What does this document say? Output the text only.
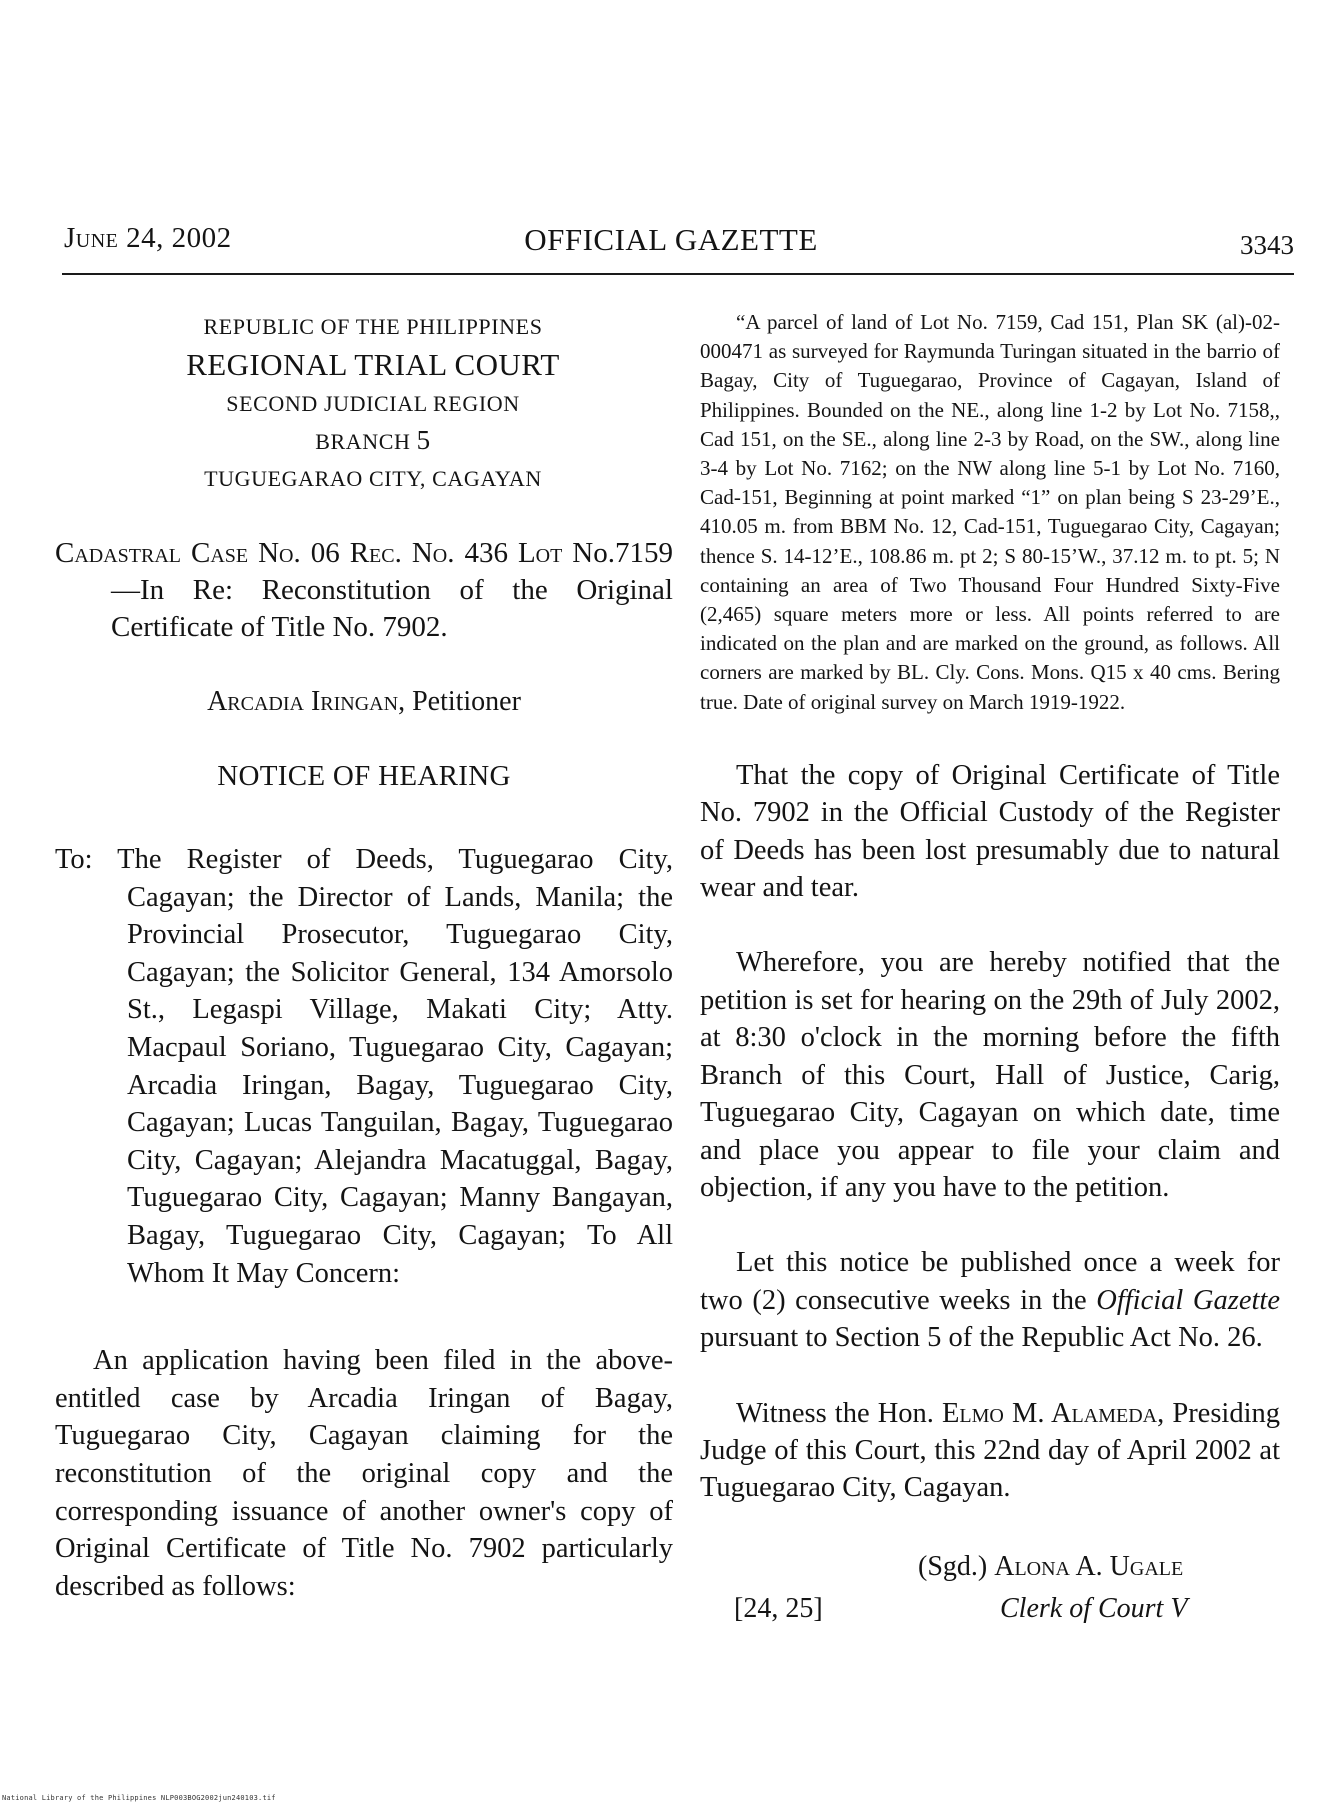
June 24, 2002	OFFICIAL GAZETTE	3343
REPUBLIC OF THE PHILIPPINES
REGIONAL TRIAL COURT
SECOND JUDICIAL REGION
BRANCH 5
TUGUEGARAO CITY, CAGAYAN
Cadastral Case No. 06 Rec. No. 436 Lot No.7159—In Re: Reconstitution of the Original Certificate of Title No. 7902.
Arcadia Iringan, Petitioner
NOTICE OF HEARING
To: The Register of Deeds, Tuguegarao City, Cagayan; the Director of Lands, Manila; the Provincial Prosecutor, Tuguegarao City, Cagayan; the Solicitor General, 134 Amorsolo St., Legaspi Village, Makati City; Atty. Macpaul Soriano, Tuguegarao City, Cagayan; Arcadia Iringan, Bagay, Tuguegarao City, Cagayan; Lucas Tanguilan, Bagay, Tuguegarao City, Cagayan; Alejandra Macatuggal, Bagay, Tuguegarao City, Cagayan; Manny Bangayan, Bagay, Tuguegarao City, Cagayan; To All Whom It May Concern:
An application having been filed in the above-entitled case by Arcadia Iringan of Bagay, Tuguegarao City, Cagayan claiming for the reconstitution of the original copy and the corresponding issuance of another owner's copy of Original Certificate of Title No. 7902 particularly described as follows:
“A parcel of land of Lot No. 7159, Cad 151, Plan SK (al)-02-000471 as surveyed for Raymunda Turingan situated in the barrio of Bagay, City of Tuguegarao, Province of Cagayan, Island of Philippines. Bounded on the NE., along line 1-2 by Lot No. 7158,, Cad 151, on the SE., along line 2-3 by Road, on the SW., along line 3-4 by Lot No. 7162; on the NW along line 5-1 by Lot No. 7160, Cad-151, Beginning at point marked “1” on plan being S 23-29’E., 410.05 m. from BBM No. 12, Cad-151, Tuguegarao City, Cagayan; thence S. 14-12’E., 108.86 m. pt 2; S 80-15’W., 37.12 m. to pt. 5; N containing an area of Two Thousand Four Hundred Sixty-Five (2,465) square meters more or less. All points referred to are indicated on the plan and are marked on the ground, as follows. All corners are marked by BL. Cly. Cons. Mons. Q15 x 40 cms. Bering true. Date of original survey on March 1919-1922.
That the copy of Original Certificate of Title No. 7902 in the Official Custody of the Register of Deeds has been lost presumably due to natural wear and tear.
Wherefore, you are hereby notified that the petition is set for hearing on the 29th of July 2002, at 8:30 o'clock in the morning before the fifth Branch of this Court, Hall of Justice, Carig, Tuguegarao City, Cagayan on which date, time and place you appear to file your claim and objection, if any you have to the petition.
Let this notice be published once a week for two (2) consecutive weeks in the Official Gazette pursuant to Section 5 of the Republic Act No. 26.
Witness the Hon. Elmo M. Alameda, Presiding Judge of this Court, this 22nd day of April 2002 at Tuguegarao City, Cagayan.
(Sgd.) Alona A. Ugale
[24, 25]	Clerk of Court V
National Library of the Philippines NLP003BOG2002jun240103.tif
